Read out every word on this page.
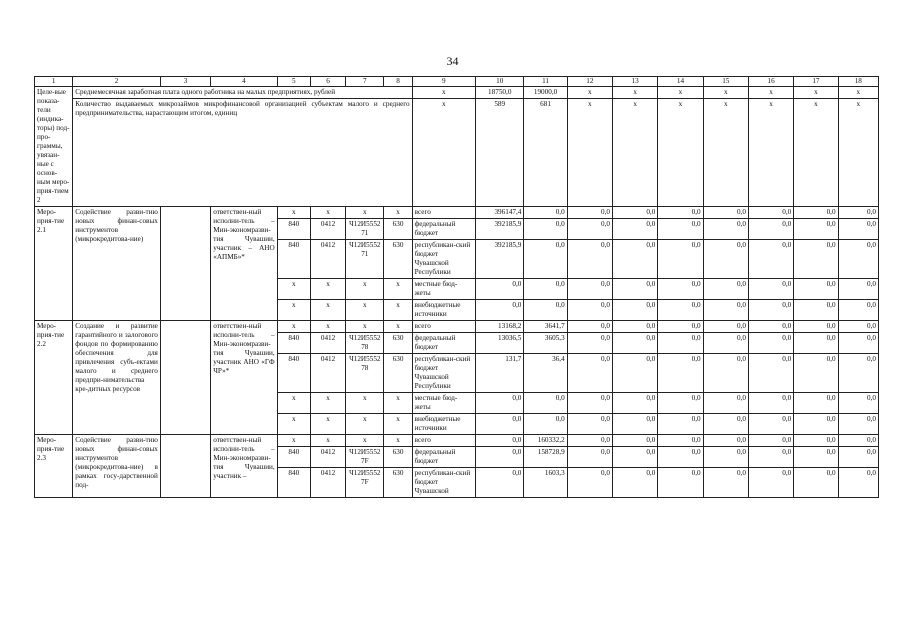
34
1	2	3	4	5	6	7	8	9	10	11	12	13	14	15	16	17	18
Целе-вые показа-тели (индика-торы) под-про-граммы, увязан-ные с основ-ным меро-прия-тием 2	Среднемесячная заработная плата одного работника на малых предприятиях, рублей							x	18750,0	19000,0	x	x	x	x	x	x	x
	Количество выдаваемых микрозаймов микрофинансовой организацией субъектам малого и среднего предпринимательства, нарастающим итогом, единиц							x	589	681	x	x	x	x	x	x	x
Меро-прия-тие 2.1	Содействие разви-тию новых финан-совых инструментов (микрокредитова-ние)		ответствен-ный исполни-тель – Мин-экономразви-тия Чувашии, участник – АНО «АПМБ»*	x	x	x	x	всего	396147,4	0,0	0,0	0,0	0,0	0,0	0,0	0,0	0,0
				840	0412	Ч12И5552 71	630	федеральный бюджет	392185,9	0,0	0,0	0,0	0,0	0,0	0,0	0,0	0,0
				840	0412	Ч12И5552 71	630	республикан-ский бюджет Чувашской Республики	392185,9	0,0	0,0	0,0	0,0	0,0	0,0	0,0	0,0
				x	x	x	x	местные бюд-жеты	0,0	0,0	0,0	0,0	0,0	0,0	0,0	0,0	0,0
				x	x	x	x	внебюджетные источники	0,0	0,0	0,0	0,0	0,0	0,0	0,0	0,0	0,0
Меро-прия-тие 2.2	Создание и развитие гарантийного и залогового фондов по формированию обеспечения для привлечения субъ-ектами малого и среднего предпри-нимательства кре-дитных ресурсов		ответствен-ный исполни-тель – Мин-экономразви-тия Чувашии, участник АНО «ГФ ЧР»*	x	x	x	x	всего	13168,2	3641,7	0,0	0,0	0,0	0,0	0,0	0,0	0,0
				840	0412	Ч12И5552 78	630	федеральный бюджет	13036,5	3605,3	0,0	0,0	0,0	0,0	0,0	0,0	0,0
				840	0412	Ч12И5552 78	630	республикан-ский бюджет Чувашской Республики	131,7	36,4	0,0	0,0	0,0	0,0	0,0	0,0	0,0
				x	x	x	x	местные бюд-жеты	0,0	0,0	0,0	0,0	0,0	0,0	0,0	0,0	0,0
				x	x	x	x	внебюджетные источники	0,0	0,0	0,0	0,0	0,0	0,0	0,0	0,0	0,0
Меро-прия-тие 2.3	Содействие разви-тию новых финан-совых инструментов (микрокредитова-ние) в рамках госу-дарственной под-		ответствен-ный исполни-тель – Мин-экономразви-тия Чувашии, участник –	x	x	x	x	всего	0,0	160332,2	0,0	0,0	0,0	0,0	0,0	0,0	0,0
				840	0412	Ч12И5552 7F	630	федеральный бюджет	0,0	158728,9	0,0	0,0	0,0	0,0	0,0	0,0	0,0
				840	0412	Ч12И5552 7F	630	республикан-ский бюджет Чувашской	0,0	1603,3	0,0	0,0	0,0	0,0	0,0	0,0	0,0
